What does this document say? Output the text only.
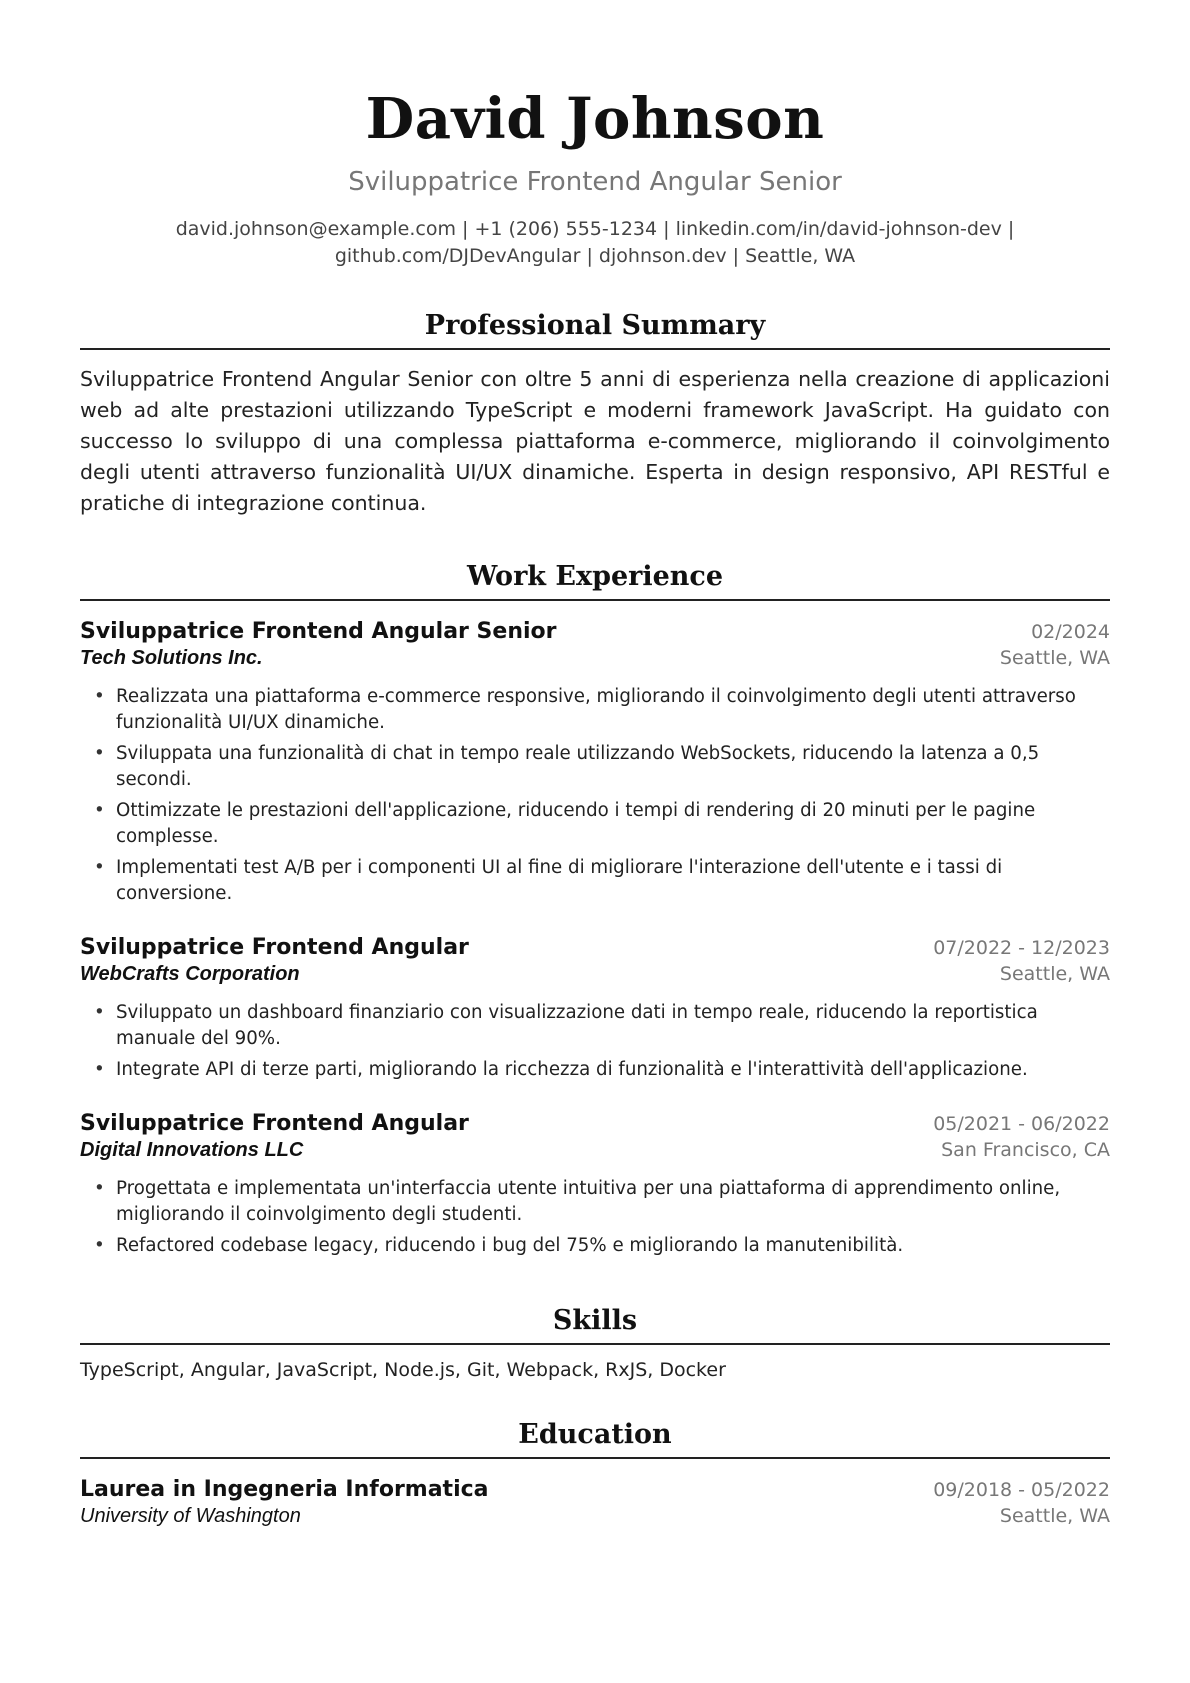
David Johnson
Sviluppatrice Frontend Angular Senior
david.johnson@example.com | +1 (206) 555-1234 | linkedin.com/in/david-johnson-dev |
github.com/DJDevAngular | djohnson.dev | Seattle, WA
Professional Summary

Sviluppatrice Frontend Angular Senior con oltre 5 anni di esperienza nella creazione di applicazioni web ad alte prestazioni utilizzando TypeScript e moderni framework JavaScript. Ha guidato con successo lo sviluppo di una complessa piattaforma e-commerce, migliorando il coinvolgimento degli utenti attraverso funzionalità UI/UX dinamiche. Esperta in design responsivo, API RESTful e pratiche di integrazione continua.

Work Experience
Sviluppatrice Frontend Angular Senior	02/2024
Tech Solutions Inc.	Seattle, WA
• Realizzata una piattaforma e-commerce responsive, migliorando il coinvolgimento degli utenti attraverso funzionalità UI/UX dinamiche.
• Sviluppata una funzionalità di chat in tempo reale utilizzando WebSockets, riducendo la latenza a 0,5 secondi.
• Ottimizzate le prestazioni dell'applicazione, riducendo i tempi di rendering di 20 minuti per le pagine complesse.
• Implementati test A/B per i componenti UI al fine di migliorare l'interazione dell'utente e i tassi di conversione.
Sviluppatrice Frontend Angular	07/2022 - 12/2023
WebCrafts Corporation	Seattle, WA
• Sviluppato un dashboard finanziario con visualizzazione dati in tempo reale, riducendo la reportistica manuale del 90%.
• Integrate API di terze parti, migliorando la ricchezza di funzionalità e l'interattività dell'applicazione.
Sviluppatrice Frontend Angular	05/2021 - 06/2022
Digital Innovations LLC	San Francisco, CA
• Progettata e implementata un'interfaccia utente intuitiva per una piattaforma di apprendimento online, migliorando il coinvolgimento degli studenti.
• Refactored codebase legacy, riducendo i bug del 75% e migliorando la manutenibilità.
Skills
TypeScript, Angular, JavaScript, Node.js, Git, Webpack, RxJS, Docker
Education
Laurea in Ingegneria Informatica	09/2018 - 05/2022
University of Washington	Seattle, WA
